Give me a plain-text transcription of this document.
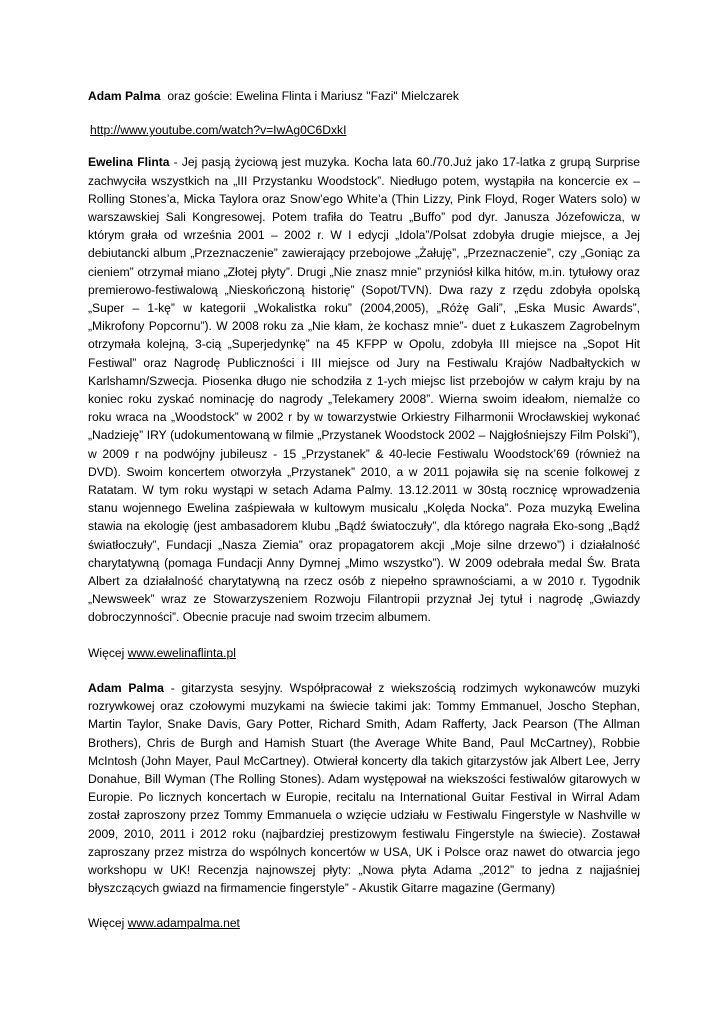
Adam Palma oraz goście: Ewelina Flinta i Mariusz "Fazi" Mielczarek

http://www.youtube.com/watch?v=IwAg0C6DxkI

Ewelina Flinta - Jej pasją życiową jest muzyka. Kocha lata 60./70.Już jako 17-latka z grupą Surprise zachwyciła wszystkich na „III Przystanku Woodstock”. Niedługo potem, wystąpiła na koncercie ex – Rolling Stones’a, Micka Taylora oraz Snow’ego White’a (Thin Lizzy, Pink Floyd, Roger Waters solo) w warszawskiej Sali Kongresowej. Potem trafiła do Teatru „Buffo” pod dyr. Janusza Józefowicza, w którym grała od września 2001 – 2002 r. W I edycji „Idola”/Polsat zdobyła drugie miejsce, a Jej debiutancki album „Przeznaczenie” zawierający przebojowe „Żałuję”, „Przeznaczenie”, czy „Goniąc za cieniem” otrzymał miano „Złotej płyty”. Drugi „Nie znasz mnie” przyniósł kilka hitów, m.in. tytułowy oraz premierowo-festiwalową „Nieskończoną historię” (Sopot/TVN). Dwa razy z rzędu zdobyła opolską „Super – 1-kę” w kategorii „Wokalistka roku” (2004,2005), „Różę Gali”, „Eska Music Awards”, „Mikrofony Popcornu”). W 2008 roku za „Nie kłam, że kochasz mnie”- duet z Łukaszem Zagrobelnym otrzymała kolejną, 3-cią „Superjedynkę” na 45 KFPP w Opolu, zdobyła III miejsce na „Sopot Hit Festiwal” oraz Nagrodę Publiczności i III miejsce od Jury na Festiwalu Krajów Nadbałtyckich w Karlshamn/Szwecja. Piosenka długo nie schodziła z 1-ych miejsc list przebojów w całym kraju by na koniec roku zyskać nominację do nagrody „Telekamery 2008”. Wierna swoim ideałom, niemalże co roku wraca na „Woodstock” w 2002 r by w towarzystwie Orkiestry Filharmonii Wrocławskiej wykonać „Nadzieję” IRY (udokumentowaną w filmie „Przystanek Woodstock 2002 – Najgłośniejszy Film Polski”), w 2009 r na podwójny jubileusz - 15 „Przystanek” & 40-lecie Festiwalu Woodstock’69 (również na DVD). Swoim koncertem otworzyła „Przystanek” 2010, a w 2011 pojawiła się na scenie folkowej z Ratatam. W tym roku wystąpi w setach Adama Palmy. 13.12.2011 w 30stą rocznicę wprowadzenia stanu wojennego Ewelina zaśpiewała w kultowym musicalu „Kolęda Nocka”. Poza muzyką Ewelina stawia na ekologię (jest ambasadorem klubu „Bądź światoczuły”, dla którego nagrała Eko-song „Bądź światłoczuły”, Fundacji „Nasza Ziemia” oraz propagatorem akcji „Moje silne drzewo”) i działalność charytatywną (pomaga Fundacji Anny Dymnej „Mimo wszystko”). W 2009 odebrała medal Św. Brata Albert za działalność charytatywną na rzecz osób z niepełno sprawnościami, a w 2010 r. Tygodnik „Newsweek” wraz ze Stowarzyszeniem Rozwoju Filantropii przyznał Jej tytuł i nagrodę „Gwiazdy dobroczynności”. Obecnie pracuje nad swoim trzecim albumem.

Więcej www.ewelinaflinta.pl

Adam Palma - gitarzysta sesyjny. Współpracował z wiekszością rodzimych wykonawców muzyki rozrywkowej oraz czołowymi muzykami na świecie takimi jak: Tommy Emmanuel, Joscho Stephan, Martin Taylor, Snake Davis, Gary Potter, Richard Smith, Adam Rafferty, Jack Pearson (The Allman Brothers), Chris de Burgh and Hamish Stuart (the Average White Band, Paul McCartney), Robbie McIntosh (John Mayer, Paul McCartney). Otwierał koncerty dla takich gitarzystów jak Albert Lee, Jerry Donahue, Bill Wyman (The Rolling Stones). Adam występował na wiekszości festiwalów gitarowych w Europie. Po licznych koncertach w Europie, recitalu na International Guitar Festival in Wirral Adam został zaproszony przez Tommy Emmanuela o wzięcie udziału w Festiwalu Fingerstyle w Nashville w 2009, 2010, 2011 i 2012 roku (najbardziej prestizowym festiwalu Fingerstyle na świecie). Zostawał zaproszany przez mistrza do wspólnych koncertów w USA, UK i Polsce oraz nawet do otwarcia jego workshopu w UK! Recenzja najnowszej płyty: „Nowa płyta Adama „2012” to jedna z najjaśniej błyszczących gwiazd na firmamencie fingerstyle” - Akustik Gitarre magazine (Germany)

Więcej www.adampalma.net
